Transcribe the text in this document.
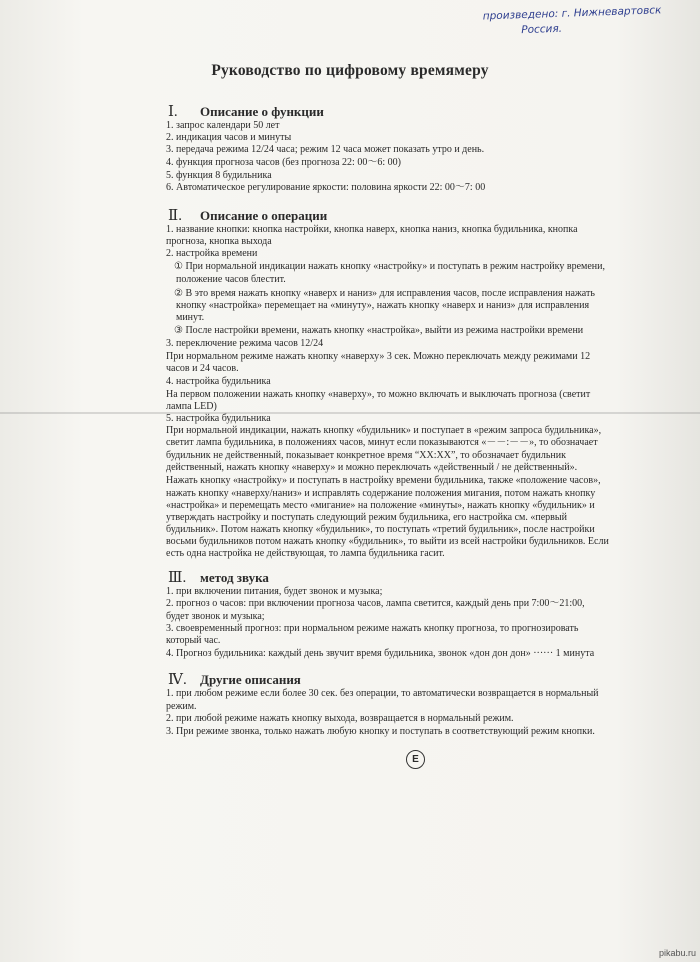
произведено: г. Нижневартовск
Россия.
Руководство по цифровому времямеру
Ⅰ. Описание о функции
1. запрос календари 50 лет
2. индикация часов и минуты
3. передача режима 12/24 часа; режим 12 часа может показать утро и день.
4. функция прогноза часов (без прогноза 22: 00〜6: 00)
5. функция 8 будильника
6. Автоматическое регулирование яркости: половина яркости 22: 00〜7: 00
Ⅱ. Описание о операции
1. название кнопки: кнопка настройки, кнопка наверх, кнопка наниз, кнопка будильника, кнопка
прогноза, кнопка выхода
2. настройка времени
① При нормальной индикации нажать кнопку «настройку» и поступать в режим настройку времени,
положение часов блестит.
② В это время нажать кнопку «наверх и наниз» для исправления часов, после исправления нажать
кнопку «настройка» перемещает на «минуту», нажать кнопку «наверх и наниз» для исправления
минут.
③ После настройки времени, нажать кнопку «настройка», выйти из режима настройки времени
3. переключение режима часов 12/24
При нормальном режиме нажать кнопку «наверху» 3 сек. Можно переключать между режимами 12
часов и 24 часов.
4. настройка будильника
На первом положении нажать кнопку «наверху», то можно включать и выключать прогноза (светит
лампа LED)
5. настройка будильника
При нормальной индикации, нажать кнопку «будильник» и поступает в «режим запроса будильника»,
светит лампа будильника, в положениях часов, минут если показываются «－－:－－», то обозначает
будильник не действенный, показывает конкретное время “XX:XX”, то обозначает будильник
действенный, нажать кнопку «наверху» и можно переключать «действенный / не действенный».
Нажать кнопку «настройку» и поступать в настройку времени будильника, также «положение часов»,
нажать кнопку «наверху/наниз» и исправлять содержание положения мигания, потом нажать кнопку
«настройка» и перемещать место «мигание» на положение «минуты», нажать кнопку «будильник» и
утверждать настройку и поступать следующий режим будильника, его настройка см. «первый
будильник». Потом нажать кнопку «будильник», то поступать «третий будильник», после настройки
восьми будильников потом нажать кнопку «будильник», то выйти из всей настройки будильников. Если
есть одна настройка не действующая, то лампа будильника гасит.
Ⅲ. метод звука
1. при включении питания, будет звонок и музыка;
2. прогноз о часов: при включении прогноза часов, лампа светится, каждый день при 7:00〜21:00,
будет звонок и музыка;
3. своевременный прогноз: при нормальном режиме нажать кнопку прогноза, то прогнозировать
который час.
4. Прогноз будильника: каждый день звучит время будильника, звонок «дон дон дон» ······ 1 минута
Ⅳ. Другие описания
1. при любом режиме если более 30 сек. без операции, то автоматически возвращается в нормальный
режим.
2. при любой режиме нажать кнопку выхода, возвращается в нормальный режим.
3. При режиме звонка, только нажать любую кнопку и поступать в соответствующий режим кнопки.
E
pikabu.ru
